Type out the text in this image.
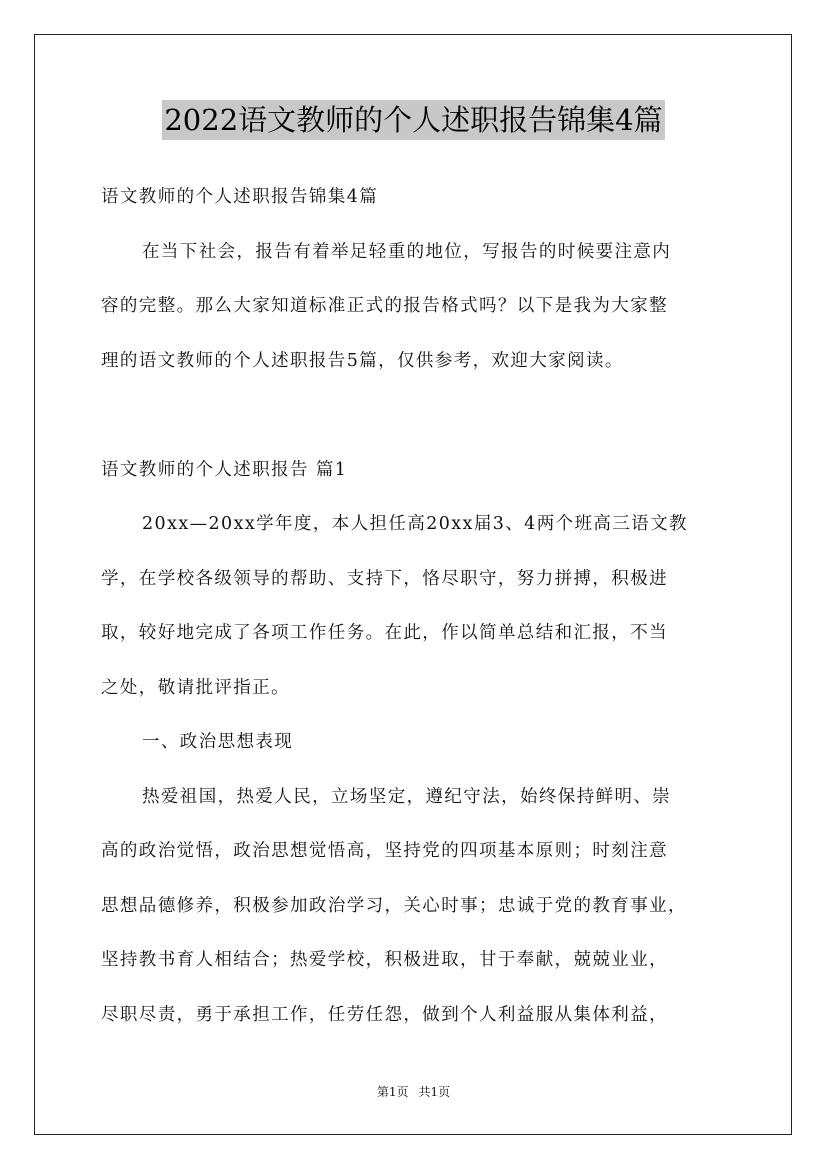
2022语文教师的个人述职报告锦集4篇
语文教师的个人述职报告锦集4篇
在当下社会，报告有着举足轻重的地位，写报告的时候要注意内
容的完整。那么大家知道标准正式的报告格式吗？以下是我为大家整
理的语文教师的个人述职报告5篇，仅供参考，欢迎大家阅读。
语文教师的个人述职报告 篇1
20xx—20xx学年度，本人担任高20xx届3、4两个班高三语文教
学，在学校各级领导的帮助、支持下，恪尽职守，努力拼搏，积极进
取，较好地完成了各项工作任务。在此，作以简单总结和汇报，不当
之处，敬请批评指正。
一、政治思想表现
热爱祖国，热爱人民，立场坚定，遵纪守法，始终保持鲜明、崇
高的政治觉悟，政治思想觉悟高，坚持党的四项基本原则；时刻注意
思想品德修养，积极参加政治学习，关心时事；忠诚于党的教育事业，
坚持教书育人相结合；热爱学校，积极进取，甘于奉献，兢兢业业，
尽职尽责，勇于承担工作，任劳任怨，做到个人利益服从集体利益，
第1页 共1页
